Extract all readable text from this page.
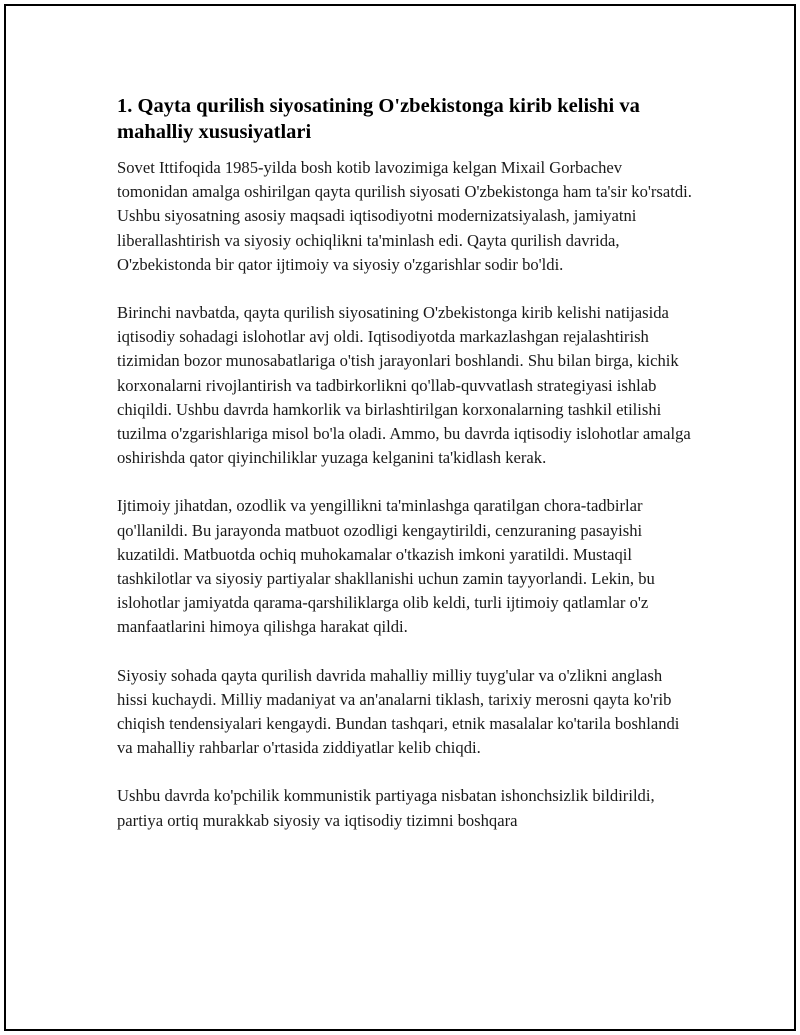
1. Qayta qurilish siyosatining O'zbekistonga kirib kelishi va mahalliy xususiyatlari

Sovet Ittifoqida 1985-yilda bosh kotib lavozimiga kelgan Mixail Gorbachev tomonidan amalga oshirilgan qayta qurilish siyosati O'zbekistonga ham ta'sir ko'rsatdi. Ushbu siyosatning asosiy maqsadi iqtisodiyotni modernizatsiyalash, jamiyatni liberallashtirish va siyosiy ochiqlikni ta'minlash edi. Qayta qurilish davrida, O'zbekistonda bir qator ijtimoiy va siyosiy o'zgarishlar sodir bo'ldi.

Birinchi navbatda, qayta qurilish siyosatining O'zbekistonga kirib kelishi natijasida iqtisodiy sohadagi islohotlar avj oldi. Iqtisodiyotda markazlashgan rejalashtirish tizimidan bozor munosabatlariga o'tish jarayonlari boshlandi. Shu bilan birga, kichik korxonalarni rivojlantirish va tadbirkorlikni qo'llab-quvvatlash strategiyasi ishlab chiqildi. Ushbu davrda hamkorlik va birlashtirilgan korxonalarning tashkil etilishi tuzilma o'zgarishlariga misol bo'la oladi. Ammo, bu davrda iqtisodiy islohotlar amalga oshirishda qator qiyinchiliklar yuzaga kelganini ta'kidlash kerak.

Ijtimoiy jihatdan, ozodlik va yengillikni ta'minlashga qaratilgan chora-tadbirlar qo'llanildi. Bu jarayonda matbuot ozodligi kengaytirildi, cenzuraning pasayishi kuzatildi. Matbuotda ochiq muhokamalar o'tkazish imkoni yaratildi. Mustaqil tashkilotlar va siyosiy partiyalar shakllanishi uchun zamin tayyorlandi. Lekin, bu islohotlar jamiyatda qarama-qarshiliklarga olib keldi, turli ijtimoiy qatlamlar o'z manfaatlarini himoya qilishga harakat qildi.

Siyosiy sohada qayta qurilish davrida mahalliy milliy tuyg'ular va o'zlikni anglash hissi kuchaydi. Milliy madaniyat va an'analarni tiklash, tarixiy merosni qayta ko'rib chiqish tendensiyalari kengaydi. Bundan tashqari, etnik masalalar ko'tarila boshlandi va mahalliy rahbarlar o'rtasida ziddiyatlar kelib chiqdi.

Ushbu davrda ko'pchilik kommunistik partiyaga nisbatan ishonchsizlik bildirildi, partiya ortiq murakkab siyosiy va iqtisodiy tizimni boshqara
